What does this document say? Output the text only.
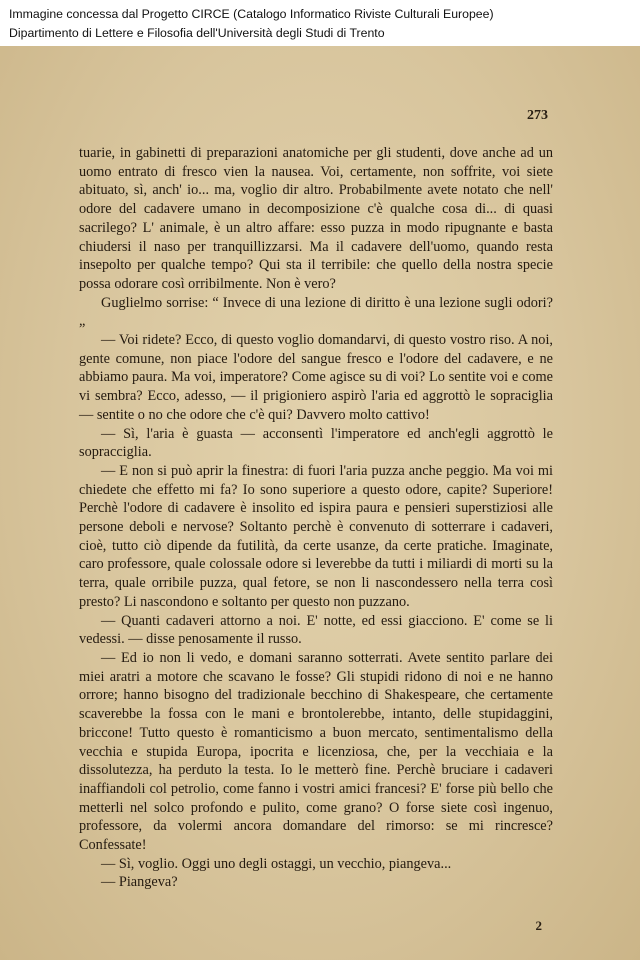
Immagine concessa dal Progetto CIRCE (Catalogo Informatico Riviste Culturali Europee)
Dipartimento di Lettere e Filosofia dell'Università degli Studi di Trento
273

tuarie, in gabinetti di preparazioni anatomiche per gli studenti, dove anche ad un uomo entrato di fresco vien la nausea. Voi, certamente, non soffrite, voi siete abituato, sì, anch' io... ma, voglio dir altro. Probabilmente avete notato che nell' odore del cadavere umano in decomposizione c'è qualche cosa di... di quasi sacrilego? L' animale, è un altro affare: esso puzza in modo ripugnante e basta chiudersi il naso per tranquillizzarsi. Ma il cadavere dell'uomo, quando resta insepolto per qualche tempo? Qui sta il terribile: che quello della nostra specie possa odorare così orribilmente. Non è vero?

Guglielmo sorrise: “ Invece di una lezione di diritto è una lezione sugli odori? „

— Voi ridete? Ecco, di questo voglio domandarvi, di questo vostro riso. A noi, gente comune, non piace l'odore del sangue fresco e l'odore del cadavere, e ne abbiamo paura. Ma voi, imperatore? Come agisce su di voi? Lo sentite voi e come vi sembra? Ecco, adesso, — il prigioniero aspirò l'aria ed aggrottò le sopraciglia — sentite o no che odore che c'è qui? Davvero molto cattivo!

— Sì, l'aria è guasta — acconsentì l'imperatore ed anch'egli aggrottò le sopracciglia.

— E non si può aprir la finestra: di fuori l'aria puzza anche peggio. Ma voi mi chiedete che effetto mi fa? Io sono superiore a questo odore, capite? Superiore! Perchè l'odore di cadavere è insolito ed ispira paura e pensieri superstiziosi alle persone deboli e nervose? Soltanto perchè è convenuto di sotterrare i cadaveri, cioè, tutto ciò dipende da futilità, da certe usanze, da certe pratiche. Imaginate, caro professore, quale colossale odore si leverebbe da tutti i miliardi di morti su la terra, quale orribile puzza, qual fetore, se non li nascondessero nella terra così presto? Li nascondono e soltanto per questo non puzzano.

— Quanti cadaveri attorno a noi. E' notte, ed essi giacciono. E' come se li vedessi. — disse penosamente il russo.

— Ed io non li vedo, e domani saranno sotterrati. Avete sentito parlare dei miei aratri a motore che scavano le fosse? Gli stupidi ridono di noi e ne hanno orrore; hanno bisogno del tradizionale becchino di Shakespeare, che certamente scaverebbe la fossa con le mani e brontolerebbe, intanto, delle stupidaggini, briccone! Tutto questo è romanticismo a buon mercato, sentimentalismo della vecchia e stupida Europa, ipocrita e licenziosa, che, per la vecchiaia e la dissolutezza, ha perduto la testa. Io le metterò fine. Perchè bruciare i cadaveri inaffiandoli col petrolio, come fanno i vostri amici francesi? E' forse più bello che metterli nel solco profondo e pulito, come grano? O forse siete così ingenuo, professore, da volermi ancora domandare del rimorso: se mi rincresce? Confessate!

— Sì, voglio. Oggi uno degli ostaggi, un vecchio, piangeva...

— Piangeva?

2
